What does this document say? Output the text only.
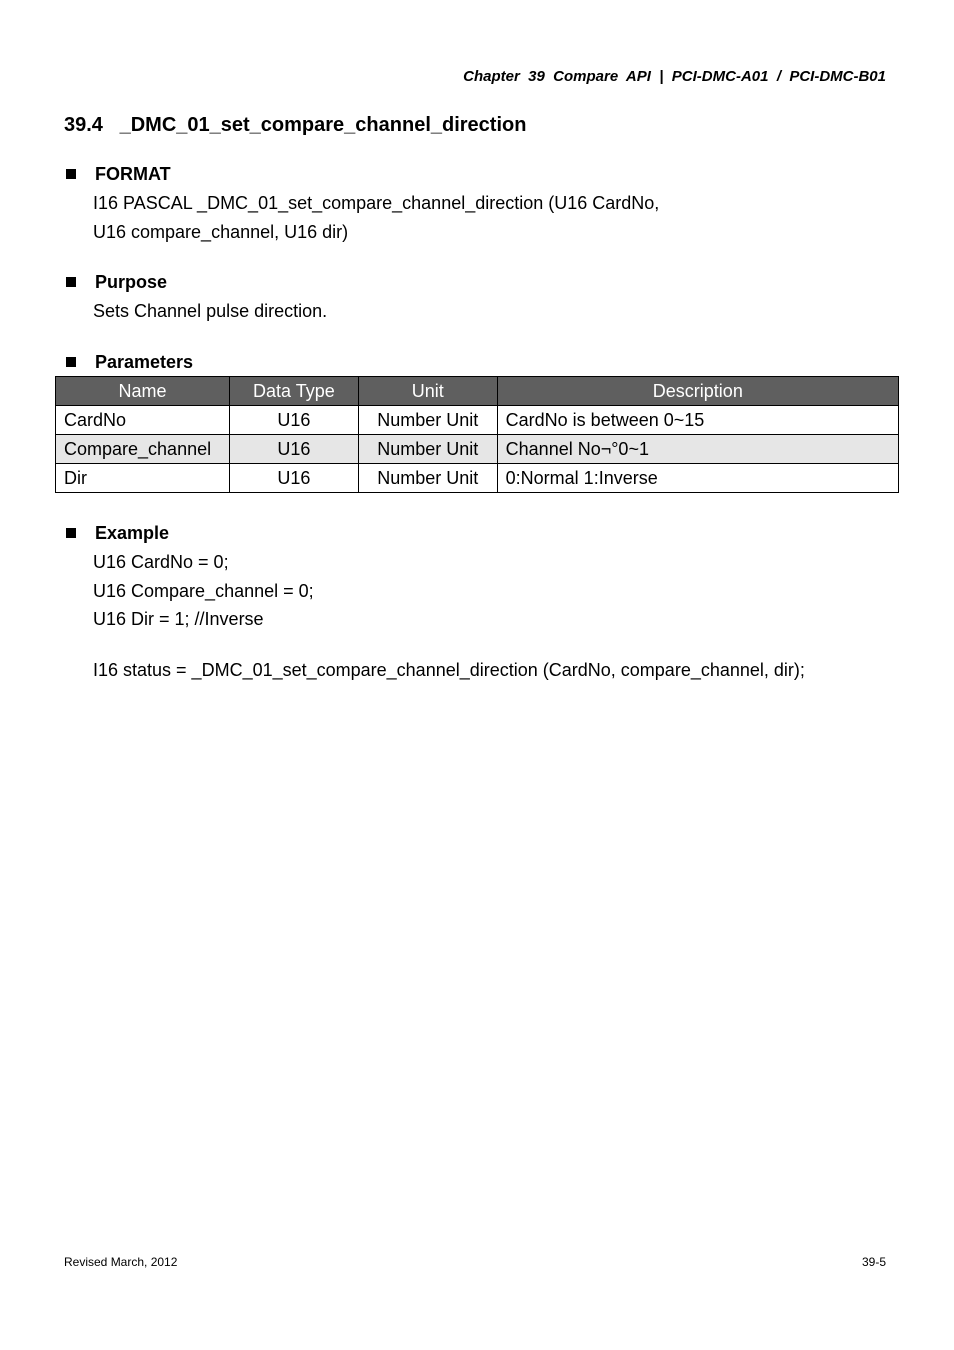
Chapter  39  Compare  API  |  PCI-DMC-A01  /  PCI-DMC-B01
39.4 _DMC_01_set_compare_channel_direction
FORMAT
I16 PASCAL _DMC_01_set_compare_channel_direction (U16 CardNo,
U16 compare_channel, U16 dir)
Purpose
Sets Channel pulse direction.
Parameters
Name	Data Type	Unit	Description
CardNo	U16	Number Unit	CardNo is between 0~15
Compare_channel	U16	Number Unit	Channel No¬°0~1
Dir	U16	Number Unit	0:Normal 1:Inverse
Example
U16 CardNo = 0;
U16 Compare_channel = 0;
U16 Dir = 1; //Inverse
I16 status = _DMC_01_set_compare_channel_direction (CardNo, compare_channel, dir);
Revised March, 2012	39-5
